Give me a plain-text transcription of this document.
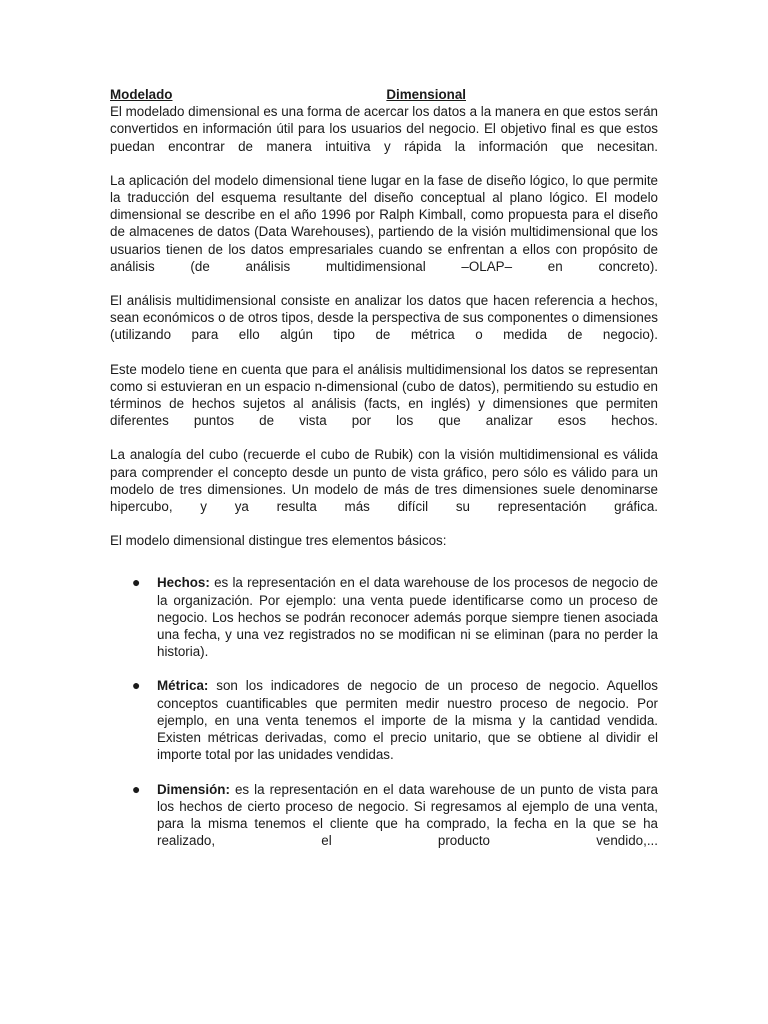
Modelado	Dimensional

El modelado dimensional es una forma de acercar los datos a la manera en que estos serán convertidos en información útil para los usuarios del negocio. El objetivo final es que estos puedan encontrar de manera intuitiva y rápida la información que necesitan.

La aplicación del modelo dimensional tiene lugar en la fase de diseño lógico, lo que permite la traducción del esquema resultante del diseño conceptual al plano lógico. El modelo dimensional se describe en el año 1996 por Ralph Kimball, como propuesta para el diseño de almacenes de datos (Data Warehouses), partiendo de la visión multidimensional que los usuarios tienen de los datos empresariales cuando se enfrentan a ellos con propósito de análisis (de análisis multidimensional –OLAP– en concreto).

El análisis multidimensional consiste en analizar los datos que hacen referencia a hechos, sean económicos o de otros tipos, desde la perspectiva de sus componentes o dimensiones (utilizando para ello algún tipo de métrica o medida de negocio).

Este modelo tiene en cuenta que para el análisis multidimensional los datos se representan como si estuvieran en un espacio n-dimensional (cubo de datos), permitiendo su estudio en términos de hechos sujetos al análisis (facts, en inglés) y dimensiones que permiten diferentes puntos de vista por los que analizar esos hechos.

La analogía del cubo (recuerde el cubo de Rubik) con la visión multidimensional es válida para comprender el concepto desde un punto de vista gráfico, pero sólo es válido para un modelo de tres dimensiones. Un modelo de más de tres dimensiones suele denominarse hipercubo, y ya resulta más difícil su representación gráfica.

El modelo dimensional distingue tres elementos básicos:

● Hechos: es la representación en el data warehouse de los procesos de negocio de la organización. Por ejemplo: una venta puede identificarse como un proceso de negocio. Los hechos se podrán reconocer además porque siempre tienen asociada una fecha, y una vez registrados no se modifican ni se eliminan (para no perder la historia).
● Métrica: son los indicadores de negocio de un proceso de negocio. Aquellos conceptos cuantificables que permiten medir nuestro proceso de negocio. Por ejemplo, en una venta tenemos el importe de la misma y la cantidad vendida. Existen métricas derivadas, como el precio unitario, que se obtiene al dividir el importe total por las unidades vendidas.
● Dimensión: es la representación en el data warehouse de un punto de vista para los hechos de cierto proceso de negocio. Si regresamos al ejemplo de una venta, para la misma tenemos el cliente que ha comprado, la fecha en la que se ha realizado, el producto vendido,...
